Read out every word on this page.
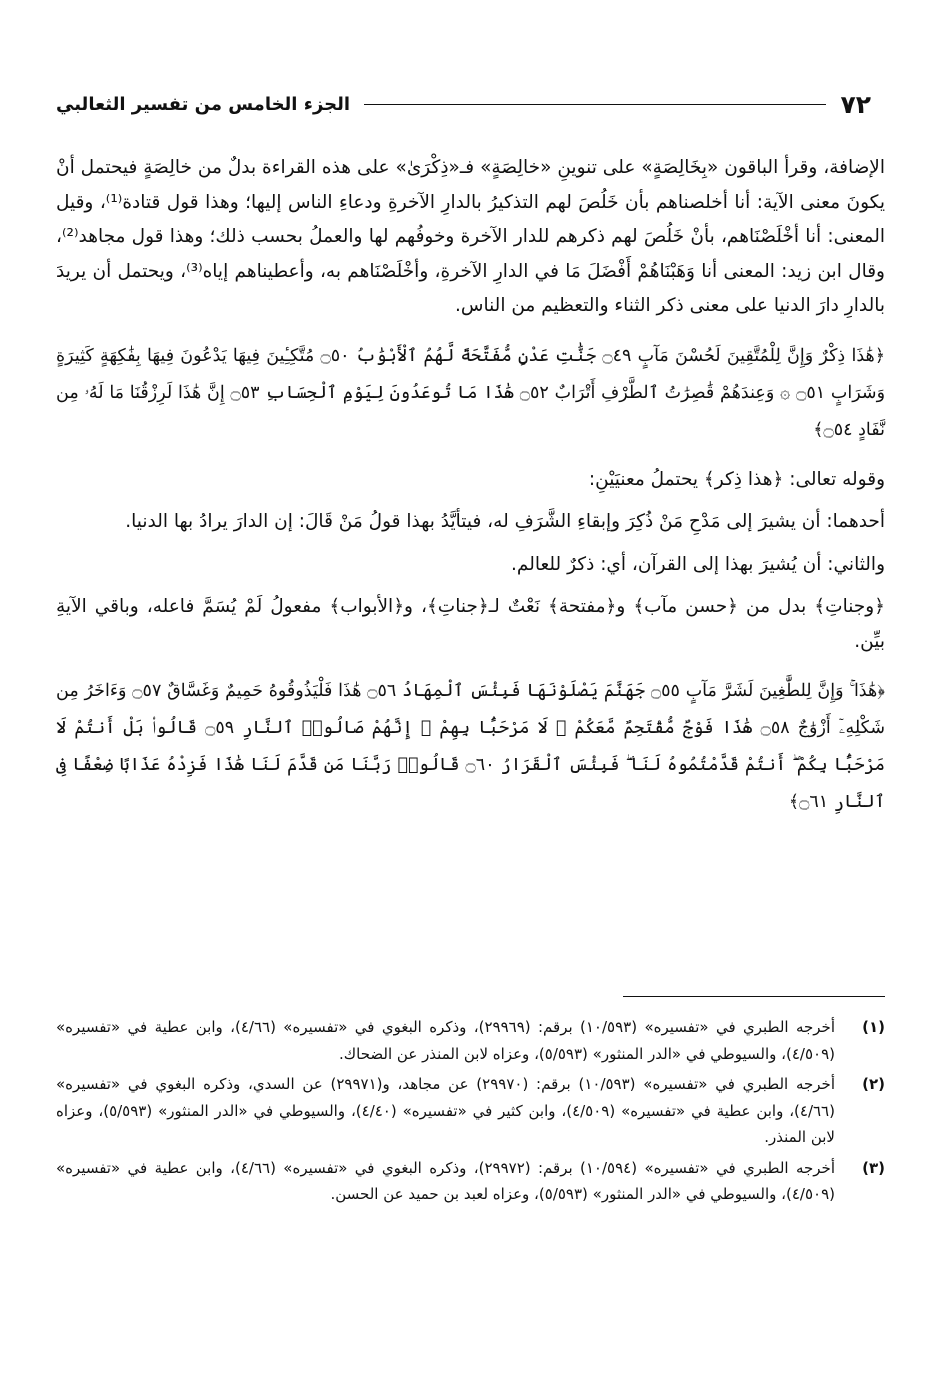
٧٢
الجزء الخامس من تفسير الثعالبي

الإضافة، وقرأ الباقون «بِخَالِصَةٍ» على تنوينِ «خالِصَةٍ» فـ«ذِكْرَىٰ» على هذه القراءة بدلٌ من خالِصَةٍ فيحتمل أنْ يكونَ معنى الآية: أنا أخلصناهم بأن خَلُصَ لهم التذكيرُ بالدارِ الآخرةِ ودعاءِ الناس إليها؛ وهذا قول قتادة⁽¹⁾، وقيل المعنى: أنا أخْلَصْنَاهم، بأنْ خَلُصَ لهم ذكرهم للدار الآخرة وخوفُهم لها والعملُ بحسب ذلك؛ وهذا قول مجاهد⁽²⁾، وقال ابن زيد: المعنى أنا وَهَبْنَاهُمْ أَفْضَلَ مَا في الدارِ الآخرةِ، وأخْلَصْنَاهم به، وأعطيناهم إياه⁽³⁾، ويحتمل أن يريدَ بالدارِ دارَ الدنيا على معنى ذكر الثناء والتعظيم من الناس.

﴿هَٰذَا ذِكْرٌ وَإِنَّ لِلْمُتَّقِينَ لَحُسْنَ مَآبٍ ۝٤٩ جَنَّٰتِ عَدْنٍ مُّفَتَّحَةً لَّهُمُ ٱلْأَبْوَٰبُ ۝٥٠ مُتَّكِـِٔينَ فِيهَا يَدْعُونَ فِيهَا بِفَٰكِهَةٍ كَثِيرَةٍ وَشَرَابٍ ۝٥١ ۞ وَعِندَهُمْ قَٰصِرَٰتُ ٱلطَّرْفِ أَتْرَابٌ ۝٥٢ هَٰذَا مَا تُوعَدُونَ لِيَوْمِ ٱلْحِسَابِ ۝٥٣ إِنَّ هَٰذَا لَرِزْقُنَا مَا لَهُۥ مِن نَّفَادٍ ۝٥٤﴾

وقوله تعالى: ﴿هذا ذِكر﴾ يحتملُ معنيَيْنِ:

أحدهما: أن يشيرَ إلى مَدْحِ مَنْ ذُكِرَ وإبقاءِ الشَّرَفِ له، فيتأيَّدُ بهذا قولُ مَنْ قَالَ: إن الدارَ يرادُ بها الدنيا.

والثاني: أن يُشيرَ بهذا إلى القرآن، أي: ذكرٌ للعالم.

﴿وجناتِ﴾ بدل من ﴿حسن مآب﴾ و﴿مفتحة﴾ نَعْتٌ لـ﴿جناتِ﴾، و﴿الأبواب﴾ مفعولُ لَمْ يُسَمَّ فاعله، وباقي الآيةِ بيِّن.

﴿هَٰذَا ۚ وَإِنَّ لِلطَّٰغِينَ لَشَرَّ مَآبٍ ۝٥٥ جَهَنَّمَ يَصْلَوْنَهَا فَبِئْسَ ٱلْمِهَادُ ۝٥٦ هَٰذَا فَلْيَذُوقُوهُ حَمِيمٌ وَغَسَّاقٌ ۝٥٧ وَءَاخَرُ مِن شَكْلِهِۦٓ أَزْوَٰجٌ ۝٥٨ هَٰذَا فَوْجٌ مُّقْتَحِمٌ مَّعَكُمْ ۖ لَا مَرْحَبًۢا بِهِمْ ۚ إِنَّهُمْ صَالُوا۟ ٱلنَّارِ ۝٥٩ قَالُوا۟ بَلْ أَنتُمْ لَا مَرْحَبًۢا بِكُمْ ۖ أَنتُمْ قَدَّمْتُمُوهُ لَنَا ۖ فَبِئْسَ ٱلْقَرَارُ ۝٦٠ قَالُوا۟ رَبَّنَا مَن قَدَّمَ لَنَا هَٰذَا فَزِدْهُ عَذَابًا ضِعْفًا فِى ٱلنَّارِ ۝٦١﴾

(١)
أخرجه الطبري في «تفسيره» (١٠/٥٩٣) برقم: (٢٩٩٦٩)، وذكره البغوي في «تفسيره» (٤/٦٦)، وابن عطية في «تفسيره» (٤/٥٠٩)، والسيوطي في «الدر المنثور» (٥/٥٩٣)، وعزاه لابن المنذر عن الضحاك.
(٢)
أخرجه الطبري في «تفسيره» (١٠/٥٩٣) برقم: (٢٩٩٧٠) عن مجاهد، و(٢٩٩٧١) عن السدي، وذكره البغوي في «تفسيره» (٤/٦٦)، وابن عطية في «تفسيره» (٤/٥٠٩)، وابن كثير في «تفسيره» (٤/٤٠)، والسيوطي في «الدر المنثور» (٥/٥٩٣)، وعزاه لابن المنذر.
(٣)
أخرجه الطبري في «تفسيره» (١٠/٥٩٤) برقم: (٢٩٩٧٢)، وذكره البغوي في «تفسيره» (٤/٦٦)، وابن عطية في «تفسيره» (٤/٥٠٩)، والسيوطي في «الدر المنثور» (٥/٥٩٣)، وعزاه لعبد بن حميد عن الحسن.
